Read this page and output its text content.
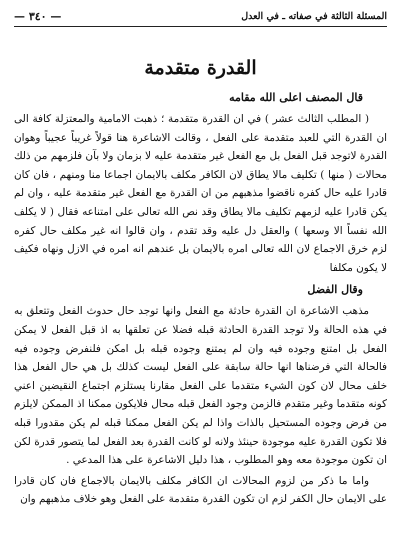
المسئلة الثالثة في صفاته ـ في العدل
— ٣٤٠ —
القدرة متقدمة
قال المصنف اعلى الله مقامه

( المطلب الثالث عشر ) في ان القدرة متقدمة ؛ ذهبت الامامية والمعتزلة كافة الى ان القدرة التي للعبد متقدمة على الفعل ، وقالت الاشاعرة هنا قولاً غريباً عجيباً وهوان القدرة لاتوجد قبل الفعل بل مع الفعل غير متقدمة عليه لا بزمان ولا بآن فلزمهم من ذلك محالات ( منها ) تكليف مالا يطاق لان الكافر مكلف بالايمان اجماعا منا ومنهم ، فان كان قادرا عليه حال كفره ناقضوا مذهبهم من ان القدرة مع الفعل غير متقدمة عليه ، وان لم يكن قادرا عليه لزمهم تكليف مالا يطاق وقد نص الله تعالى على امتناعه فقال ( لا يكلف الله نفساً الا وسعها ) والعقل دل عليه وقد تقدم ، وان قالوا انه غير مكلف حال كفره لزم خرق الاجماع لان الله تعالى امره بالايمان بل عندهم انه امره في الازل ونهاه فكيف لا يكون مكلفا

وقال الفضل

مذهب الاشاعرة ان القدرة حادثة مع الفعل وانها توجد حال حدوث الفعل وتتعلق به في هذه الحالة ولا توجد القدرة الحادثة قبله فضلا عن تعلقها به اذ قبل الفعل لا يمكن الفعل بل امتنع وجوده فيه وان لم يمتنع وجوده قبله بل امكن فلنفرض وجوده فيه فالحالة التي فرضناها انها حالة سابقة على الفعل ليست كذلك بل هي حال الفعل هذا خلف محال لان كون الشيء متقدما على الفعل مقارنا يستلزم اجتماع النقيضين اعني كونه متقدما وغير متقدم فالزمن وجود الفعل قبله محال فلايكون ممكنا اذ الممكن لايلزم من فرض وجوده المستحيل بالذات واذا لم يكن الفعل ممكنا قبله لم يكن مقدورا قبله فلا تكون القدرة عليه موجودة حينئذ ولانه لو كانت القدرة بعد الفعل لما يتصور قدرة لكن ان تكون موجودة معه وهو المطلوب ، هذا دليل الاشاعرة على هذا المدعي .

واما ما ذكر من لزوم المحالات ان الكافر مكلف بالايمان بالاجماع فان كان قادرا على الايمان حال الكفر لزم ان تكون القدرة متقدمة على الفعل وهو خلاف مذهبهم وان
